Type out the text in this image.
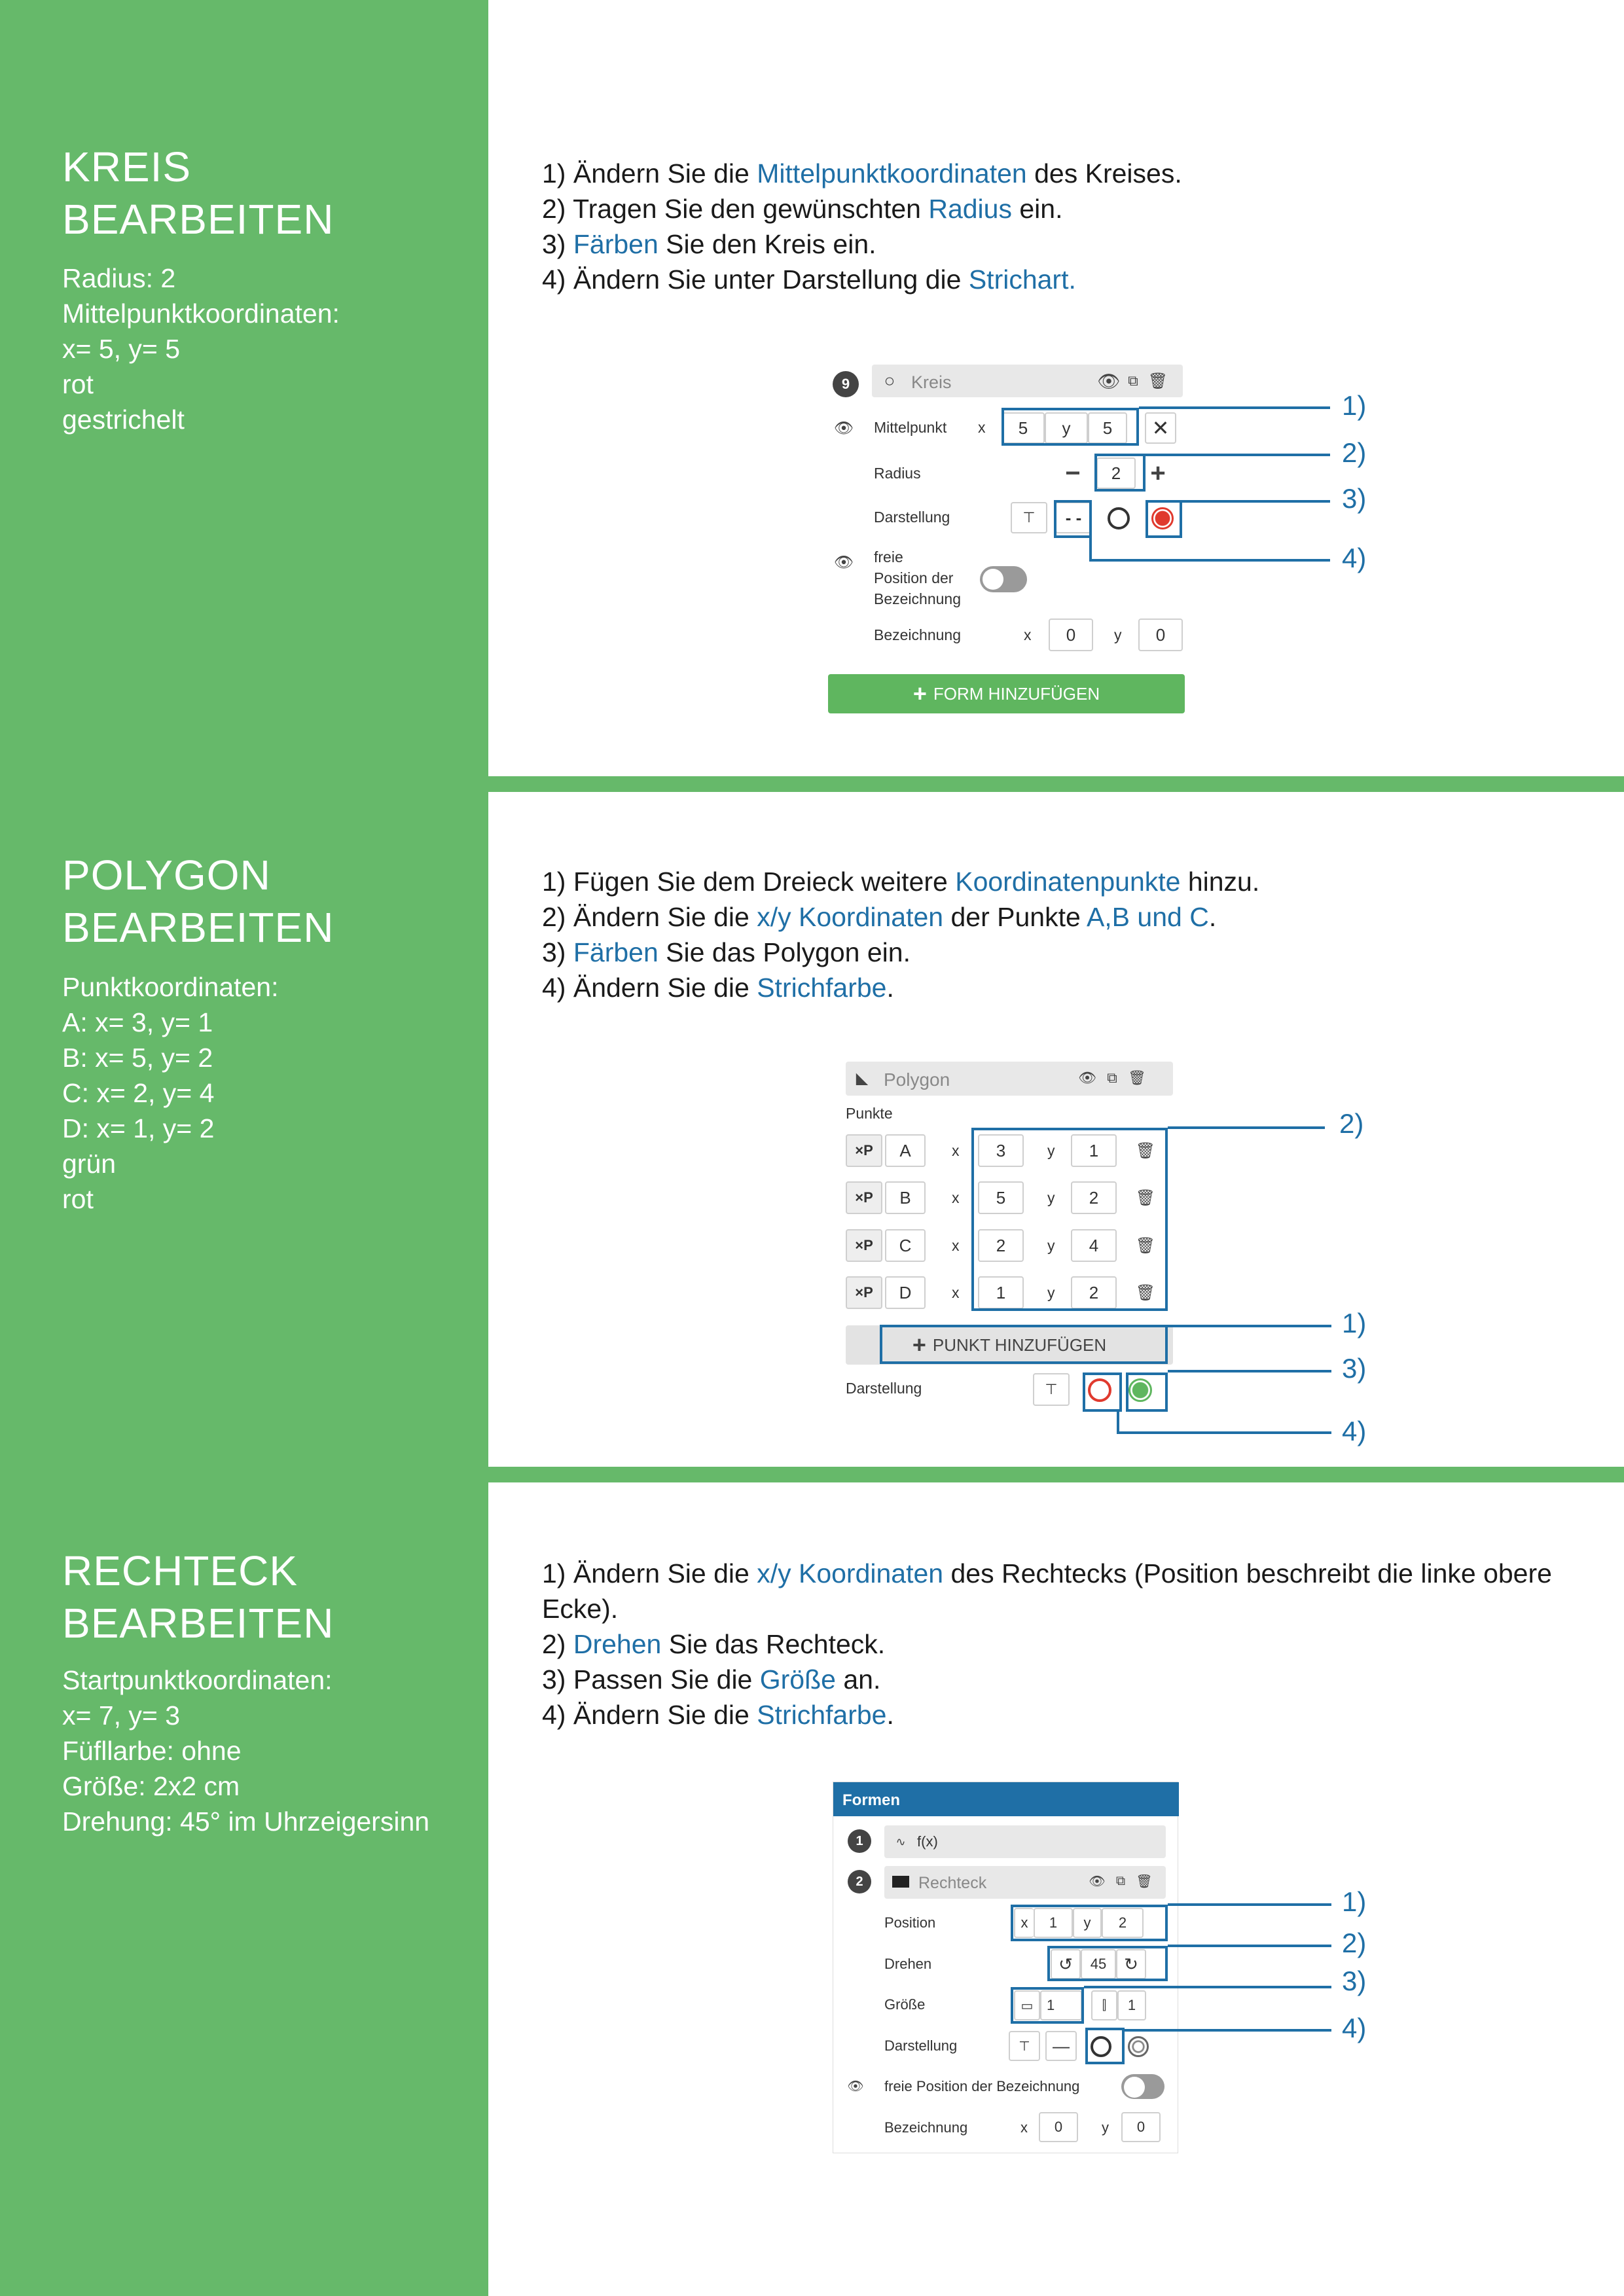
KREIS
BEARBEITEN
Radius: 2
Mittelpunktkoordinaten:
x= 5, y= 5
rot
gestrichelt
1) Ändern Sie die Mittelpunktkoordinaten des Kreises.
2) Tragen Sie den gewünschten Radius ein.
3) Färben Sie den Kreis ein.
4) Ändern Sie unter Darstellung die Strichart.
9	○ Kreis	👁 ⧉ 🗑
👁 Mittelpunkt x	5	y	5	✕
Radius	−	2	+
Darstellung	⊤	- -
👁 freie
Position der
Bezeichnung
Bezeichnung	x	0	y	0
+ FORM HINZUFÜGEN
1)
2)
3)
4)
POLYGON
BEARBEITEN
Punktkoordinaten:
A: x= 3, y= 1
B: x= 5, y= 2
C: x= 2, y= 4
D: x= 1, y= 2
grün
rot
1) Fügen Sie dem Dreieck weitere Koordinatenpunkte hinzu.
2) Ändern Sie die x/y Koordinaten der Punkte A,B und C.
3) Färben Sie das Polygon ein.
4) Ändern Sie die Strichfarbe.
◣ Polygon	👁 ⧉ 🗑
Punkte
×P	A	x	3	y	1	🗑
×P	B	x	5	y	2	🗑
×P	C	x	2	y	4	🗑
×P	D	x	1	y	2	🗑
+ PUNKT HINZUFÜGEN
Darstellung	⊤
2)
1)
3)
4)
RECHTECK
BEARBEITEN
Startpunktkoordinaten:
x= 7, y= 3
Füfllarbe: ohne
Größe: 2x2 cm
Drehung: 45° im Uhrzeigersinn
1) Ändern Sie die x/y Koordinaten des Rechtecks (Position beschreibt die linke obere Ecke).
2) Drehen Sie das Rechteck.
3) Passen Sie die Größe an.
4) Ändern Sie die Strichfarbe.
Formen
1	∿ f(x)
2	Rechteck	👁 ⧉ 🗑
Position	x	1	y	2
Drehen	↺	45	↻
Größe	▭ 1	⫿	1
Darstellung	⊤	—
👁 freie Position der Bezeichnung
Bezeichnung	x	0	y	0
1)
2)
3)
4)
